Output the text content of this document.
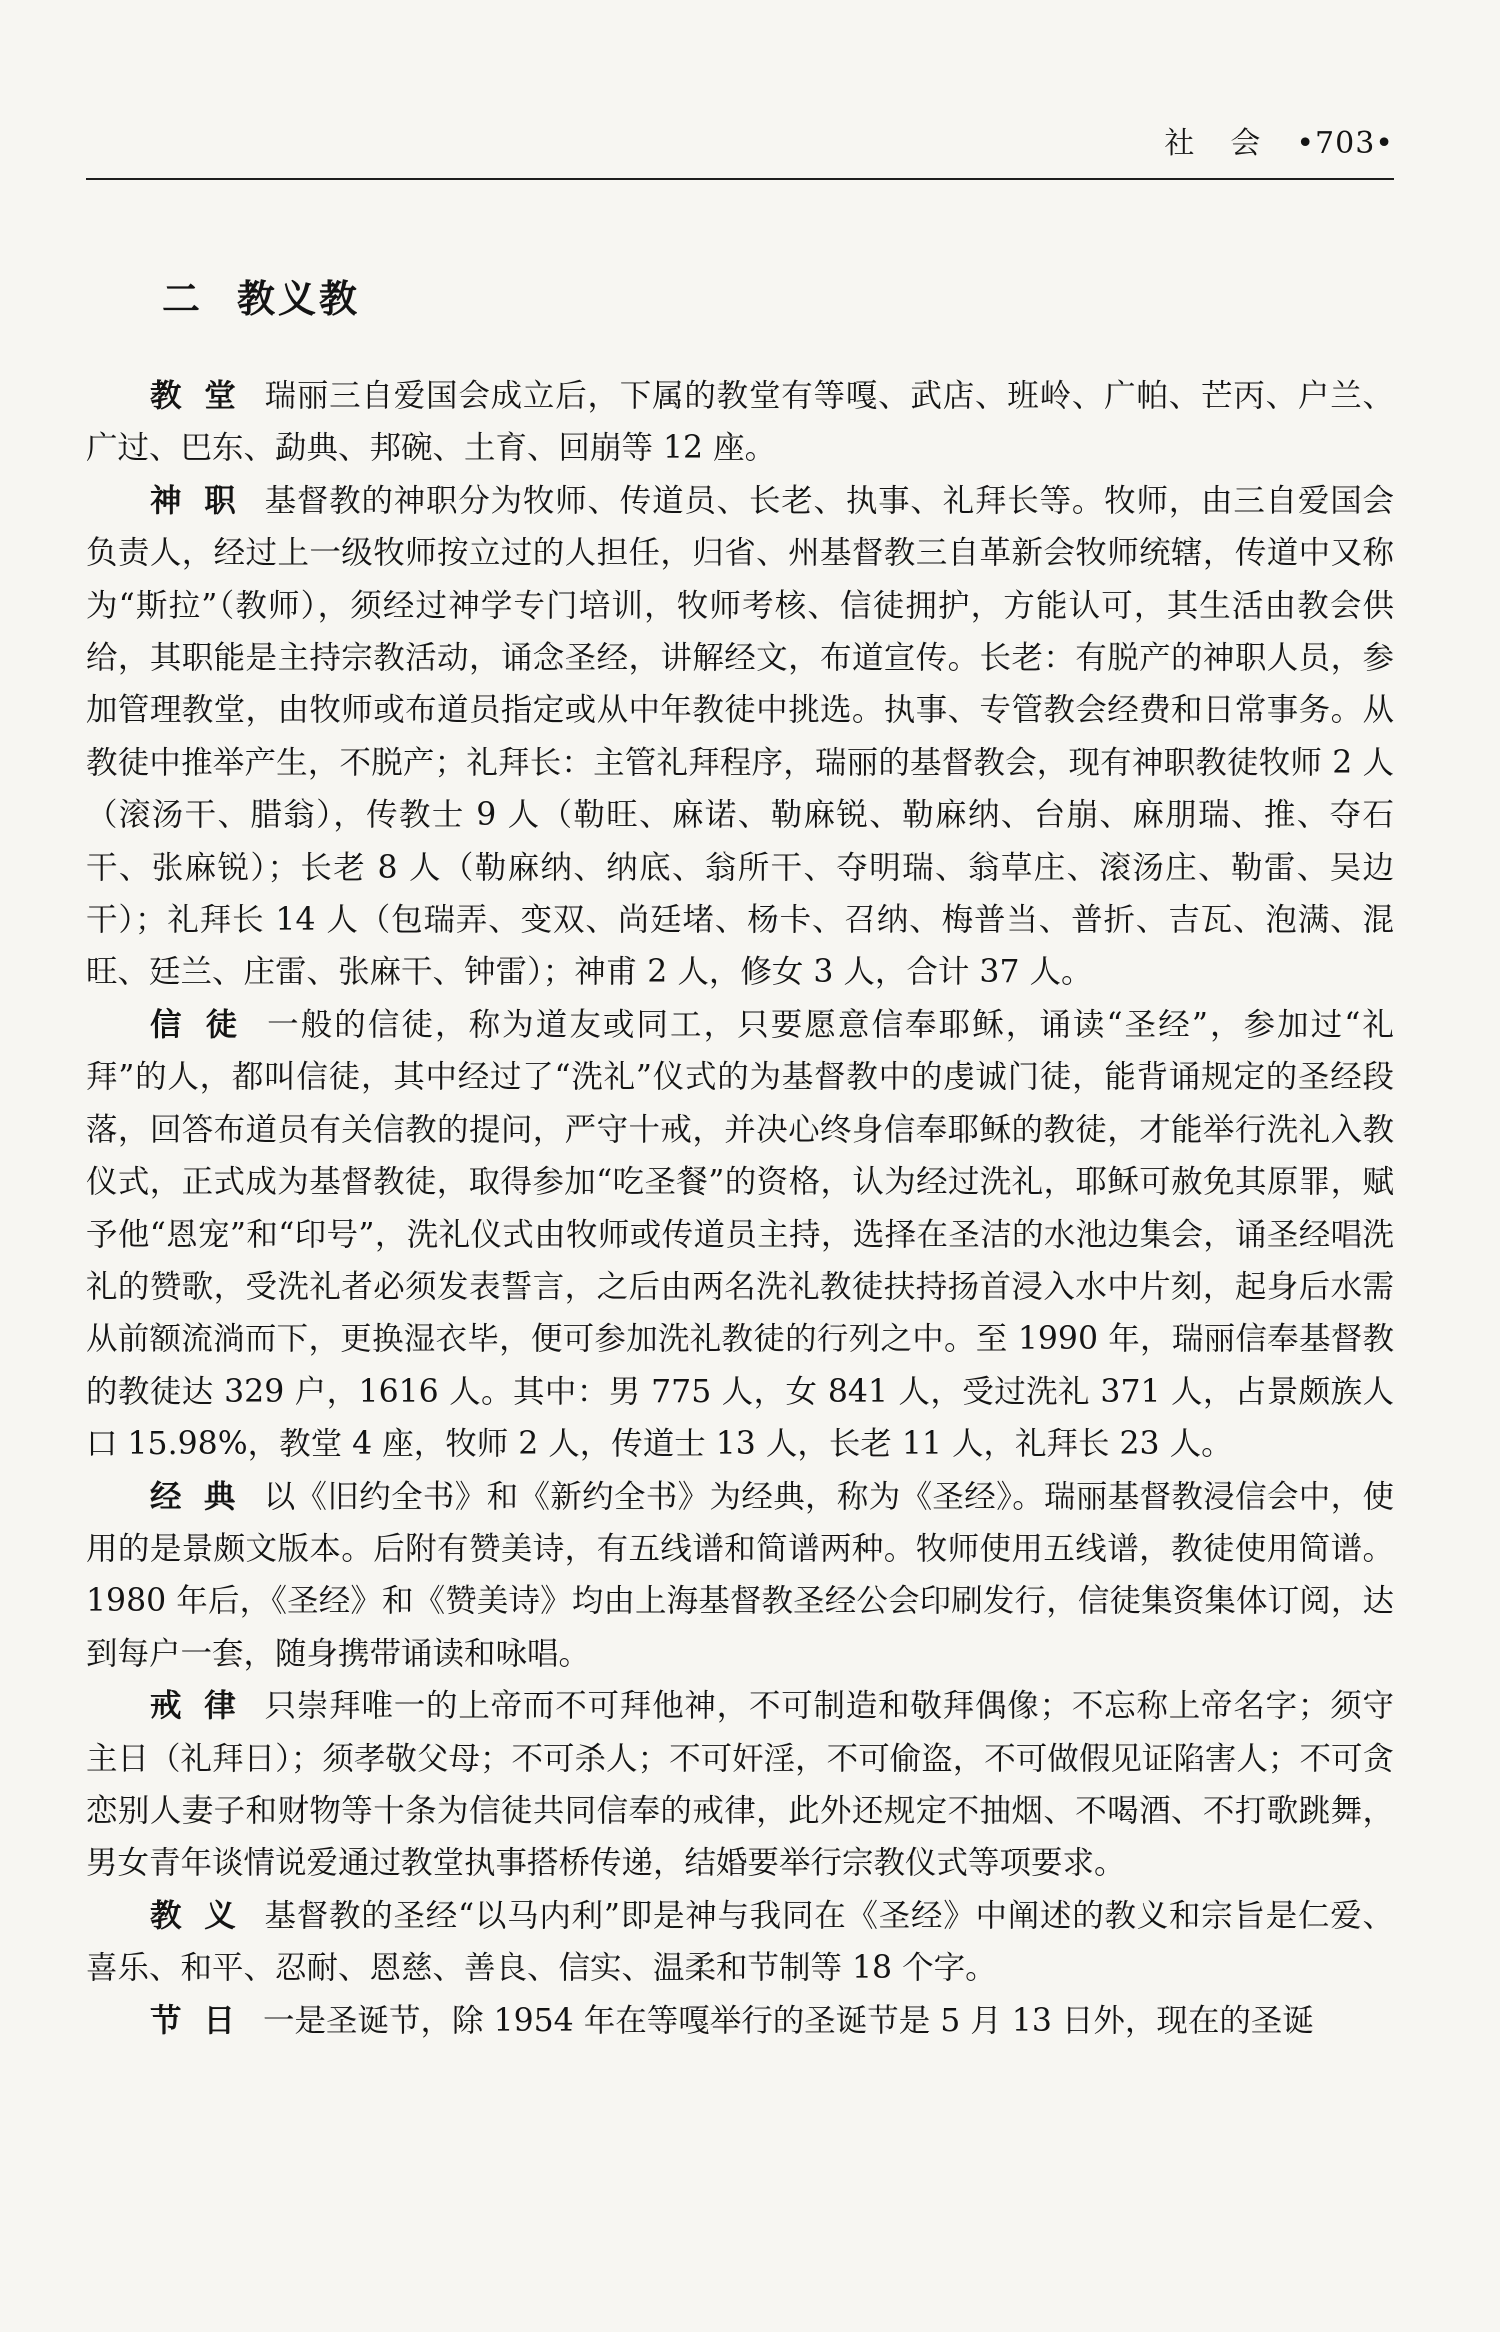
社会•703•
二 教义教

教堂 瑞丽三自爱国会成立后，下属的教堂有等嘎、武店、班岭、广帕、芒丙、户兰、广过、巴东、勐典、邦碗、土育、回崩等 12 座。

神职 基督教的神职分为牧师、传道员、长老、执事、礼拜长等。牧师，由三自爱国会负责人，经过上一级牧师按立过的人担任，归省、州基督教三自革新会牧师统辖，传道中又称为“斯拉”（教师），须经过神学专门培训，牧师考核、信徒拥护，方能认可，其生活由教会供给，其职能是主持宗教活动，诵念圣经，讲解经文，布道宣传。长老：有脱产的神职人员，参加管理教堂，由牧师或布道员指定或从中年教徒中挑选。执事、专管教会经费和日常事务。从教徒中推举产生，不脱产；礼拜长：主管礼拜程序，瑞丽的基督教会，现有神职教徒牧师 2 人（滚汤干、腊翁），传教士 9 人（勒旺、麻诺、勒麻锐、勒麻纳、台崩、麻朋瑞、推、夺石干、张麻锐）；长老 8 人（勒麻纳、纳底、翁所干、夺明瑞、翁草庄、滚汤庄、勒雷、吴边干）；礼拜长 14 人（包瑞弄、变双、尚廷堵、杨卡、召纳、梅普当、普折、吉瓦、泡满、混旺、廷兰、庄雷、张麻干、钟雷）；神甫 2 人，修女 3 人，合计 37 人。

信徒 一般的信徒，称为道友或同工，只要愿意信奉耶稣，诵读“圣经”，参加过“礼拜”的人，都叫信徒，其中经过了“洗礼”仪式的为基督教中的虔诚门徒，能背诵规定的圣经段落，回答布道员有关信教的提问，严守十戒，并决心终身信奉耶稣的教徒，才能举行洗礼入教仪式，正式成为基督教徒，取得参加“吃圣餐”的资格，认为经过洗礼，耶稣可赦免其原罪，赋予他“恩宠”和“印号”，洗礼仪式由牧师或传道员主持，选择在圣洁的水池边集会，诵圣经唱洗礼的赞歌，受洗礼者必须发表誓言，之后由两名洗礼教徒扶持扬首浸入水中片刻，起身后水需从前额流淌而下，更换湿衣毕，便可参加洗礼教徒的行列之中。至 1990 年，瑞丽信奉基督教的教徒达 329 户，1616 人。其中：男 775 人，女 841 人，受过洗礼 371 人，占景颇族人口 15.98%，教堂 4 座，牧师 2 人，传道士 13 人，长老 11 人，礼拜长 23 人。

经典 以《旧约全书》和《新约全书》为经典，称为《圣经》。瑞丽基督教浸信会中，使用的是景颇文版本。后附有赞美诗，有五线谱和简谱两种。牧师使用五线谱，教徒使用简谱。1980 年后，《圣经》和《赞美诗》均由上海基督教圣经公会印刷发行，信徒集资集体订阅，达到每户一套，随身携带诵读和咏唱。

戒律 只崇拜唯一的上帝而不可拜他神，不可制造和敬拜偶像；不忘称上帝名字；须守主日（礼拜日）；须孝敬父母；不可杀人；不可奸淫，不可偷盗，不可做假见证陷害人；不可贪恋别人妻子和财物等十条为信徒共同信奉的戒律，此外还规定不抽烟、不喝酒、不打歌跳舞，男女青年谈情说爱通过教堂执事搭桥传递，结婚要举行宗教仪式等项要求。

教义 基督教的圣经“以马内利”即是神与我同在《圣经》中阐述的教义和宗旨是仁爱、喜乐、和平、忍耐、恩慈、善良、信实、温柔和节制等 18 个字。

节日 一是圣诞节，除 1954 年在等嘎举行的圣诞节是 5 月 13 日外，现在的圣诞
